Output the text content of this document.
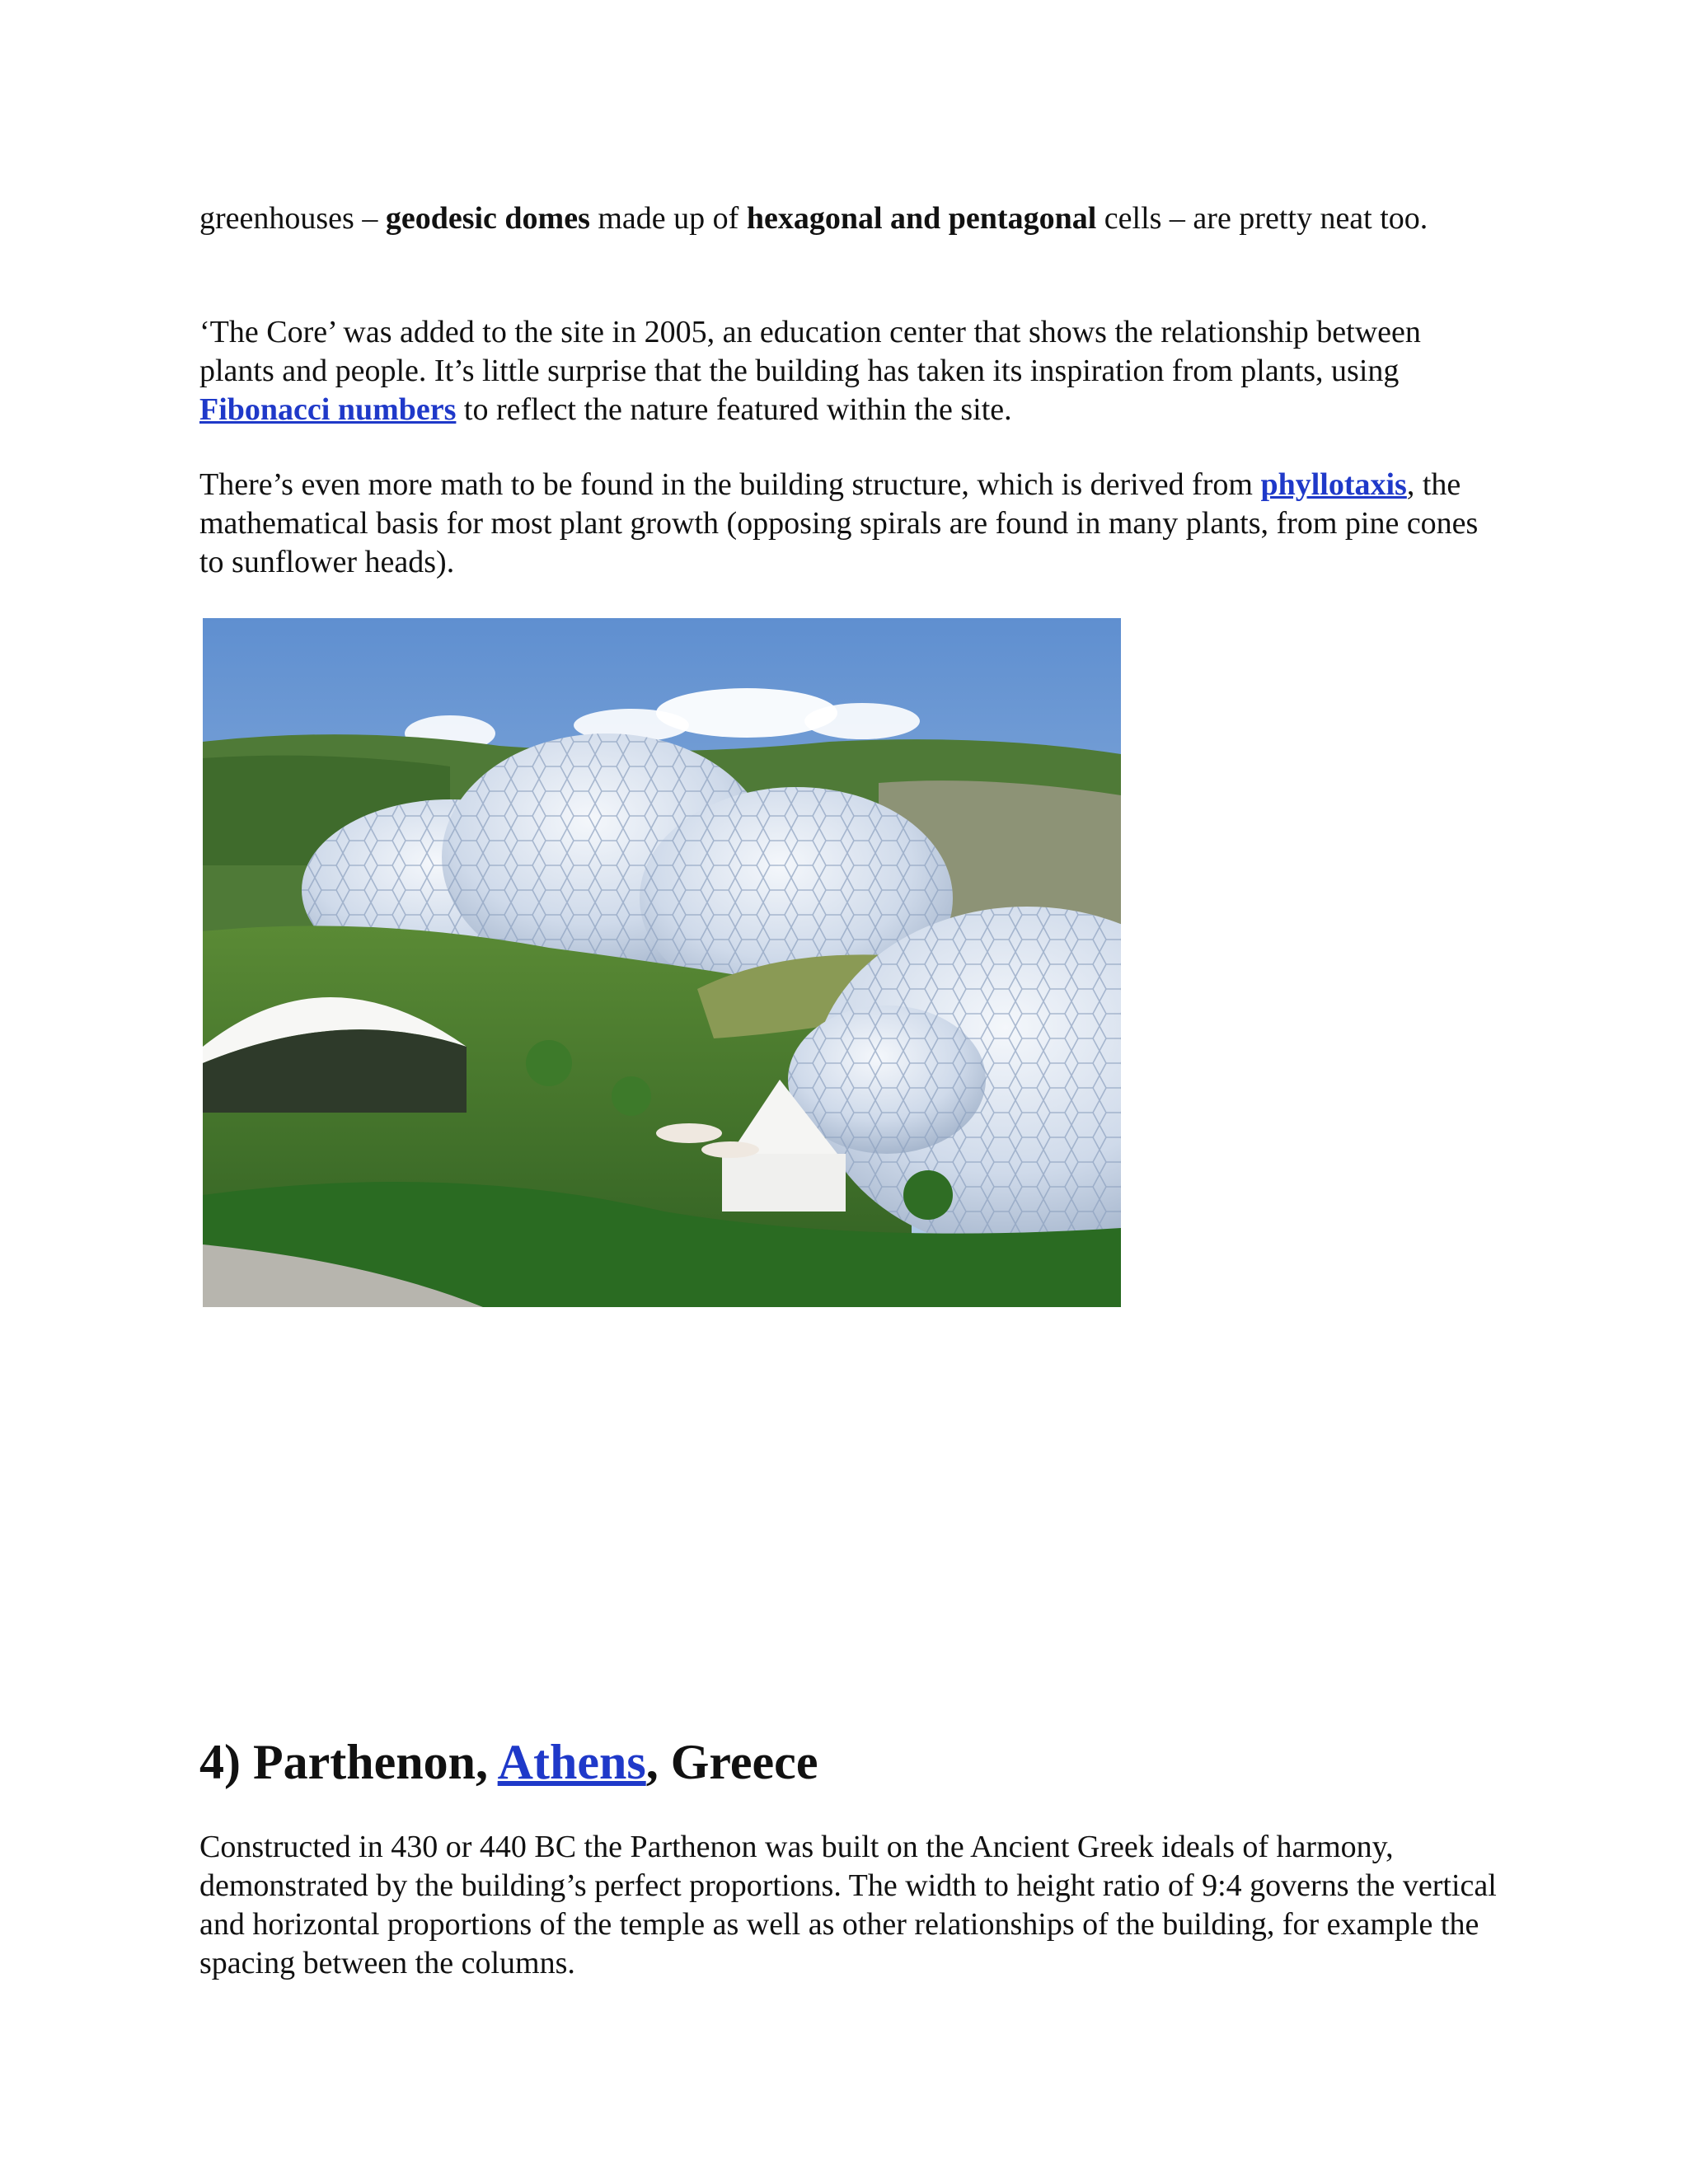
greenhouses – geodesic domes made up of hexagonal and pentagonal cells – are pretty neat too.

‘The Core’ was added to the site in 2005, an education center that shows the relationship between plants and people. It’s little surprise that the building has taken its inspiration from plants, using Fibonacci numbers to reflect the nature featured within the site.

There’s even more math to be found in the building structure, which is derived from phyllotaxis, the mathematical basis for most plant growth (opposing spirals are found in many plants, from pine cones to sunflower heads).

4) Parthenon, Athens, Greece

Constructed in 430 or 440 BC the Parthenon was built on the Ancient Greek ideals of harmony, demonstrated by the building’s perfect proportions. The width to height ratio of 9:4 governs the vertical and horizontal proportions of the temple as well as other relationships of the building, for example the spacing between the columns.
